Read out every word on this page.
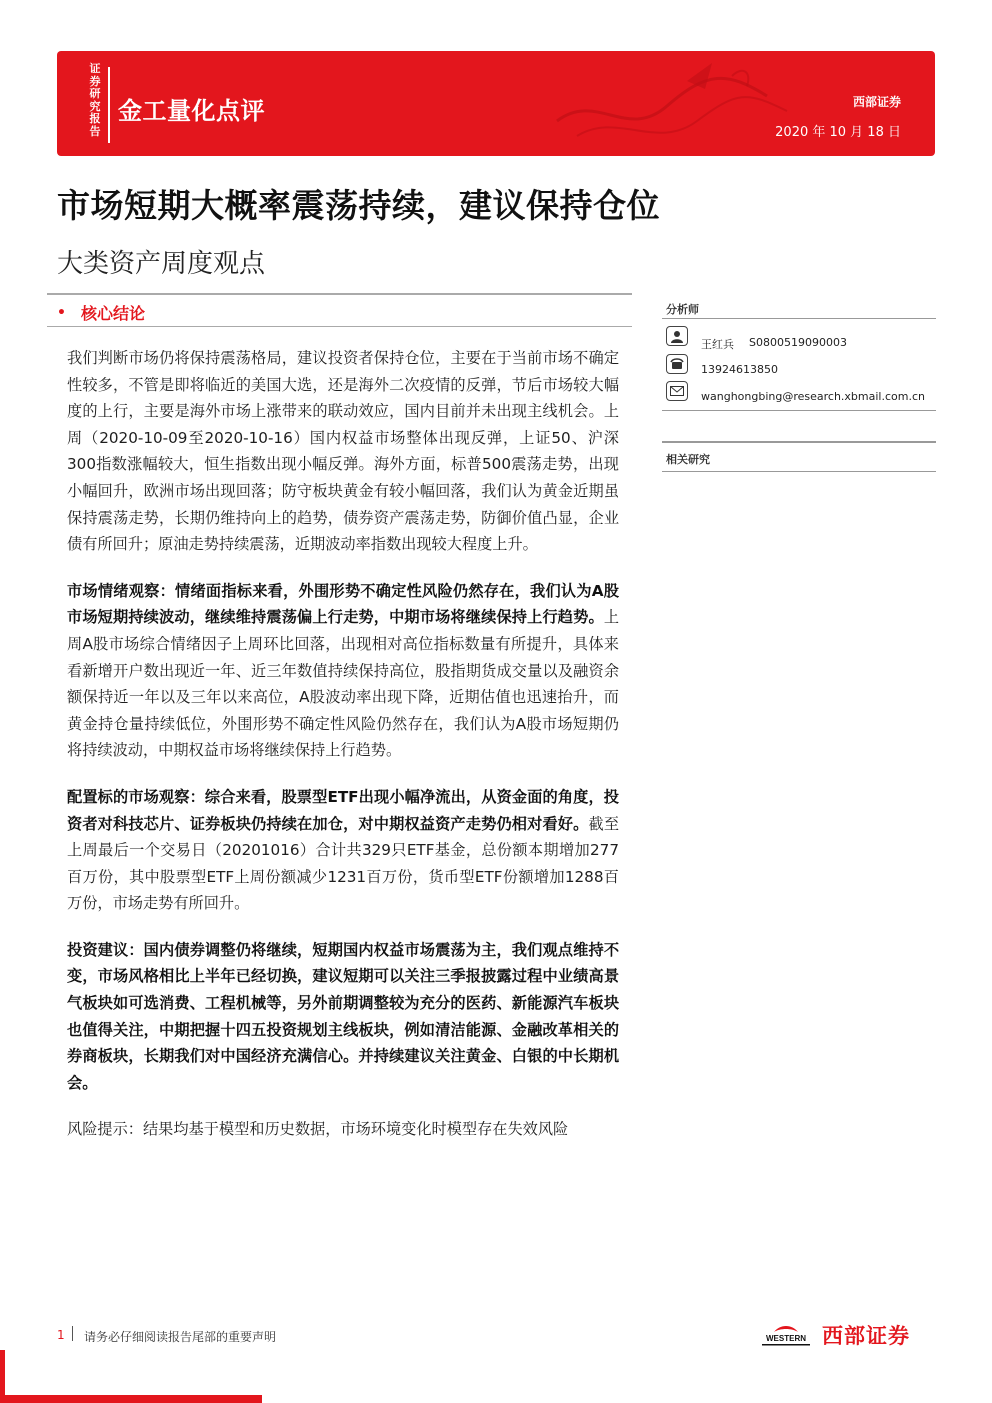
证券研究报告
金工量化点评	西部证券
2020 年 10 月 18 日
市场短期大概率震荡持续，建议保持仓位
大类资产周度观点
• 核心结论

我们判断市场仍将保持震荡格局，建议投资者保持仓位，主要在于当前市场不确定性较多，不管是即将临近的美国大选，还是海外二次疫情的反弹，节后市场较大幅度的上行，主要是海外市场上涨带来的联动效应，国内目前并未出现主线机会。上周（2020-10-09至2020-10-16）国内权益市场整体出现反弹，上证50、沪深300指数涨幅较大，恒生指数出现小幅反弹。海外方面，标普500震荡走势，出现小幅回升，欧洲市场出现回落；防守板块黄金有较小幅回落，我们认为黄金近期虽保持震荡走势，长期仍维持向上的趋势，债券资产震荡走势，防御价值凸显，企业债有所回升；原油走势持续震荡，近期波动率指数出现较大程度上升。

市场情绪观察：情绪面指标来看，外围形势不确定性风险仍然存在，我们认为A股市场短期持续波动，继续维持震荡偏上行走势，中期市场将继续保持上行趋势。上周A股市场综合情绪因子上周环比回落，出现相对高位指标数量有所提升，具体来看新增开户数出现近一年、近三年数值持续保持高位，股指期货成交量以及融资余额保持近一年以及三年以来高位，A股波动率出现下降，近期估值也迅速抬升，而黄金持仓量持续低位，外围形势不确定性风险仍然存在，我们认为A股市场短期仍将持续波动，中期权益市场将继续保持上行趋势。

配置标的市场观察：综合来看，股票型ETF出现小幅净流出，从资金面的角度，投资者对科技芯片、证券板块仍持续在加仓，对中期权益资产走势仍相对看好。截至上周最后一个交易日（20201016）合计共329只ETF基金，总份额本期增加277百万份，其中股票型ETF上周份额减少1231百万份，货币型ETF份额增加1288百万份，市场走势有所回升。

投资建议：国内债券调整仍将继续，短期国内权益市场震荡为主，我们观点维持不变，市场风格相比上半年已经切换，建议短期可以关注三季报披露过程中业绩高景气板块如可选消费、工程机械等，另外前期调整较为充分的医药、新能源汽车板块也值得关注，中期把握十四五投资规划主线板块，例如清洁能源、金融改革相关的券商板块，长期我们对中国经济充满信心。并持续建议关注黄金、白银的中长期机会。

风险提示：结果均基于模型和历史数据，市场环境变化时模型存在失效风险

分析师
王红兵 S0800519090003
13924613850
wanghongbing@research.xbmail.com.cn
相关研究
1 请务必仔细阅读报告尾部的重要声明	WESTERN 西部证券
